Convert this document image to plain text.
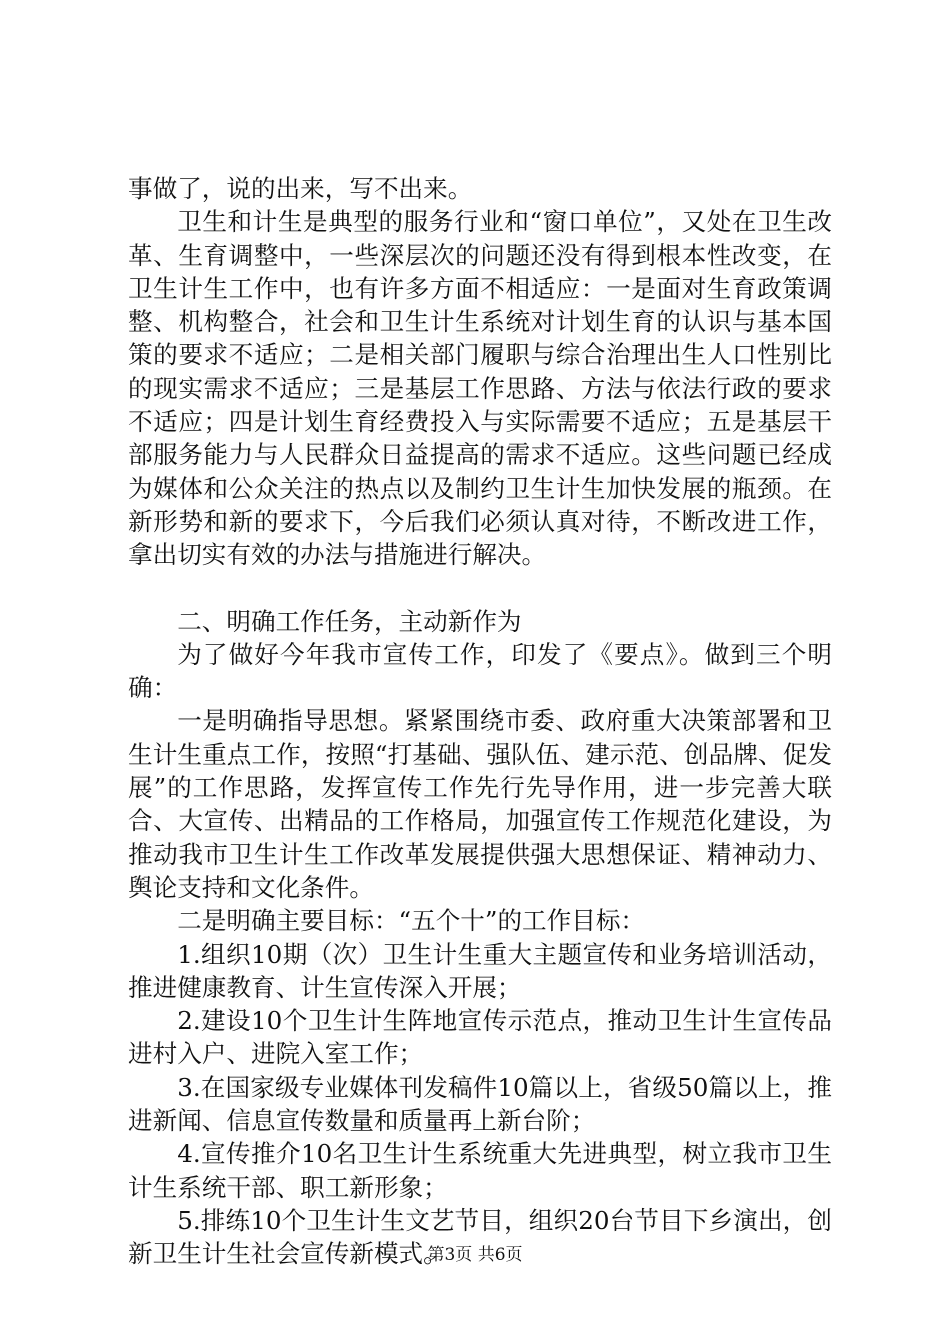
事做了，说的出来，写不出来。

卫生和计生是典型的服务行业和“窗口单位”，又处在卫生改革、生育调整中，一些深层次的问题还没有得到根本性改变，在卫生计生工作中，也有许多方面不相适应：一是面对生育政策调整、机构整合，社会和卫生计生系统对计划生育的认识与基本国策的要求不适应；二是相关部门履职与综合治理出生人口性别比的现实需求不适应；三是基层工作思路、方法与依法行政的要求不适应；四是计划生育经费投入与实际需要不适应；五是基层干部服务能力与人民群众日益提高的需求不适应。这些问题已经成为媒体和公众关注的热点以及制约卫生计生加快发展的瓶颈。在新形势和新的要求下，今后我们必须认真对待，不断改进工作，拿出切实有效的办法与措施进行解决。

二、明确工作任务，主动新作为

为了做好今年我市宣传工作，印发了《要点》。做到三个明确：

一是明确指导思想。紧紧围绕市委、政府重大决策部署和卫生计生重点工作，按照“打基础、强队伍、建示范、创品牌、促发展”的工作思路，发挥宣传工作先行先导作用，进一步完善大联合、大宣传、出精品的工作格局，加强宣传工作规范化建设，为推动我市卫生计生工作改革发展提供强大思想保证、精神动力、舆论支持和文化条件。

二是明确主要目标：“五个十”的工作目标：

1.组织10期（次）卫生计生重大主题宣传和业务培训活动，推进健康教育、计生宣传深入开展；

2.建设10个卫生计生阵地宣传示范点，推动卫生计生宣传品进村入户、进院入室工作；

3.在国家级专业媒体刊发稿件10篇以上，省级50篇以上，推进新闻、信息宣传数量和质量再上新台阶；

4.宣传推介10名卫生计生系统重大先进典型，树立我市卫生计生系统干部、职工新形象；

5.排练10个卫生计生文艺节目，组织20台节目下乡演出，创新卫生计生社会宣传新模式。

第3页 共6页
